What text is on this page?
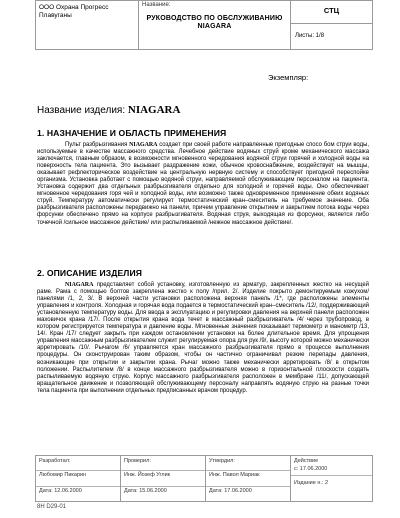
ООО Охрана Прогресс Плавуганы
Название:
РУКОВОДСТВО ПО ОБСЛУЖИВАНИЮ NIAGARA
СТЦ
Листы: 1/8
Экземпляр:
Название изделия: NIAGARA
1. НАЗНАЧЕНИЕ И ОБЛАСТЬ ПРИМЕНЕНИЯ
Пульт разбрызгивания NIAGARA создает при своей работе направленные пригодные спосо бом струи воды, используемые в качестве массажного средства. Лечебное действие водяных струй кроме механического массажа заключается, главным образом, в возможности мгновенного чередования водяной струи горячей и холодной воды на поверхность тела пациента. Это вызывает раздражение кожи, обычное кровоснабжение, воздействует на мышцы, оказывает рефлекторическое воздействие на центральную нервную систему и способствует пригодной переспойке организма. Установка работает с помощью водяной струи, направляемой обслуживающим персоналом на пациента. Установка содержит два отдельных разбрызгивателя отдельно для холодной и горячей воды. Оно обеспечивает мгновенное чередования горя чей и холодной воды, или возможно также одновременное применение обеих водяных струй. Температуру автоматически регулирует термостатический кран–смеситель на требуемое значение. Оба разбрызгивателя расположены передвижно на панели, причем управление открытием и закрытием потока воды через форсунки обеспечено прямо на корпусе разбрызгивателя. Водяная струя, выходящая из форсунки, является либо точечной /сильное массажное действие/ или распыливаемой /нежное массажное действие/.
2. ОПИСАНИЕ ИЗДЕЛИЯ
NIAGARA представляет собой установку, изготовленную из арматур, закрепленных жестко на несущей раме. Рама с помощью болтов закреплена жестко к полу /прил. 2/. Изделие покрыто демонтируемым кожухом/панелями /1, 2, 3/. В верхней части установки расположена верхняя панель /1*, где расположены элементы управления и контроля. Холодная и горячая вода подается в термостатический кран–смеситель /12/, поддерживающий установленную температуру воды. Для ввода в эксплуатацию и регулировки давления на верхней панели расположен маховичок крана /17/. После открытия крана вода течет в массажный разбрызгиватель /4/ через трубопровод, в котором регистрируется температура и давление воды. Мгновенные значения показывает термометр и манометр /13, 14/. Кран /17/ следует закрыть при каждом остановлении установки на более длительное время. Для упрощения управления массажным разбрызгивателем служит регулируемая опора для рук /9/, высоту которой можно механически арретировать /10/. Рычагом /6/ управляется кран массажного разбрызгивателя прямо в процессе выполнения процедуры. Он сконструирован таким образом, чтобы он частично ограничивал резкие перепады давления, возникающие при открытии и закрытии крана. Рычаг можно также механически арретировать /8/ в открытом положении. Распылителем /8/ в конце массажного разбрызгивателя можно в горизонтальной плоскости создать распыливаемую водяную струю. Корпус массажного разбрызгивателя расположен в мембране /11/, допускающей вращательное движение и позволяющей обслуживающему персоналу направлять водяную струю на разные точки тела пациента при выполнении отдельных предписанных врачом процедур.
Разработал:
Любомир Пикарин
Дата: 12.06.2000
Проверил:
Инж. Йозеф Углик
Дата: 15.06.2000
Утвердил:
Инж. Павол Мариак
Дата: 17.06.2000
Действие
с: 17.06.2000
Издание н.: 2
8H D29-01
